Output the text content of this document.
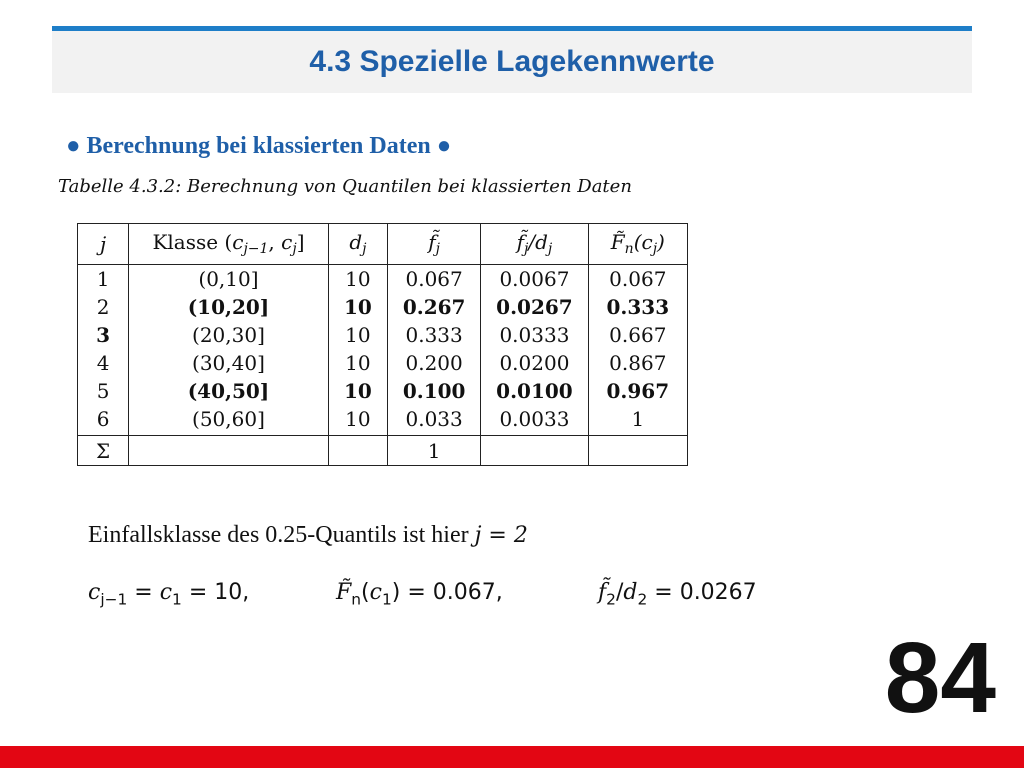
4.3 Spezielle Lagekennwerte
● Berechnung bei klassierten Daten ●
Tabelle 4.3.2: Berechnung von Quantilen bei klassierten Daten
j	Klasse ($c_{j-1}$, $c_j$]	$d_j$	$f̃_j$	$f̃_j/d_j$	$F̃_n(c_j)$
1	(0,10]	10	0.067	0.0067	0.067
2	(10,20]	10	0.267	0.0267	0.333
3	(20,30]	10	0.333	0.0333	0.667
4	(30,40]	10	0.200	0.0200	0.867
5	(40,50]	10	0.100	0.0100	0.967
6	(50,60]	10	0.033	0.0033	1
Σ			1		
Einfallsklasse des 0.25-Quantils ist hier j = 2
$c_{j-1} = c_1 = 10$,	$F̃_n(c_1) = 0.067$,	$f̃_2/d_2 = 0.0267$
84
